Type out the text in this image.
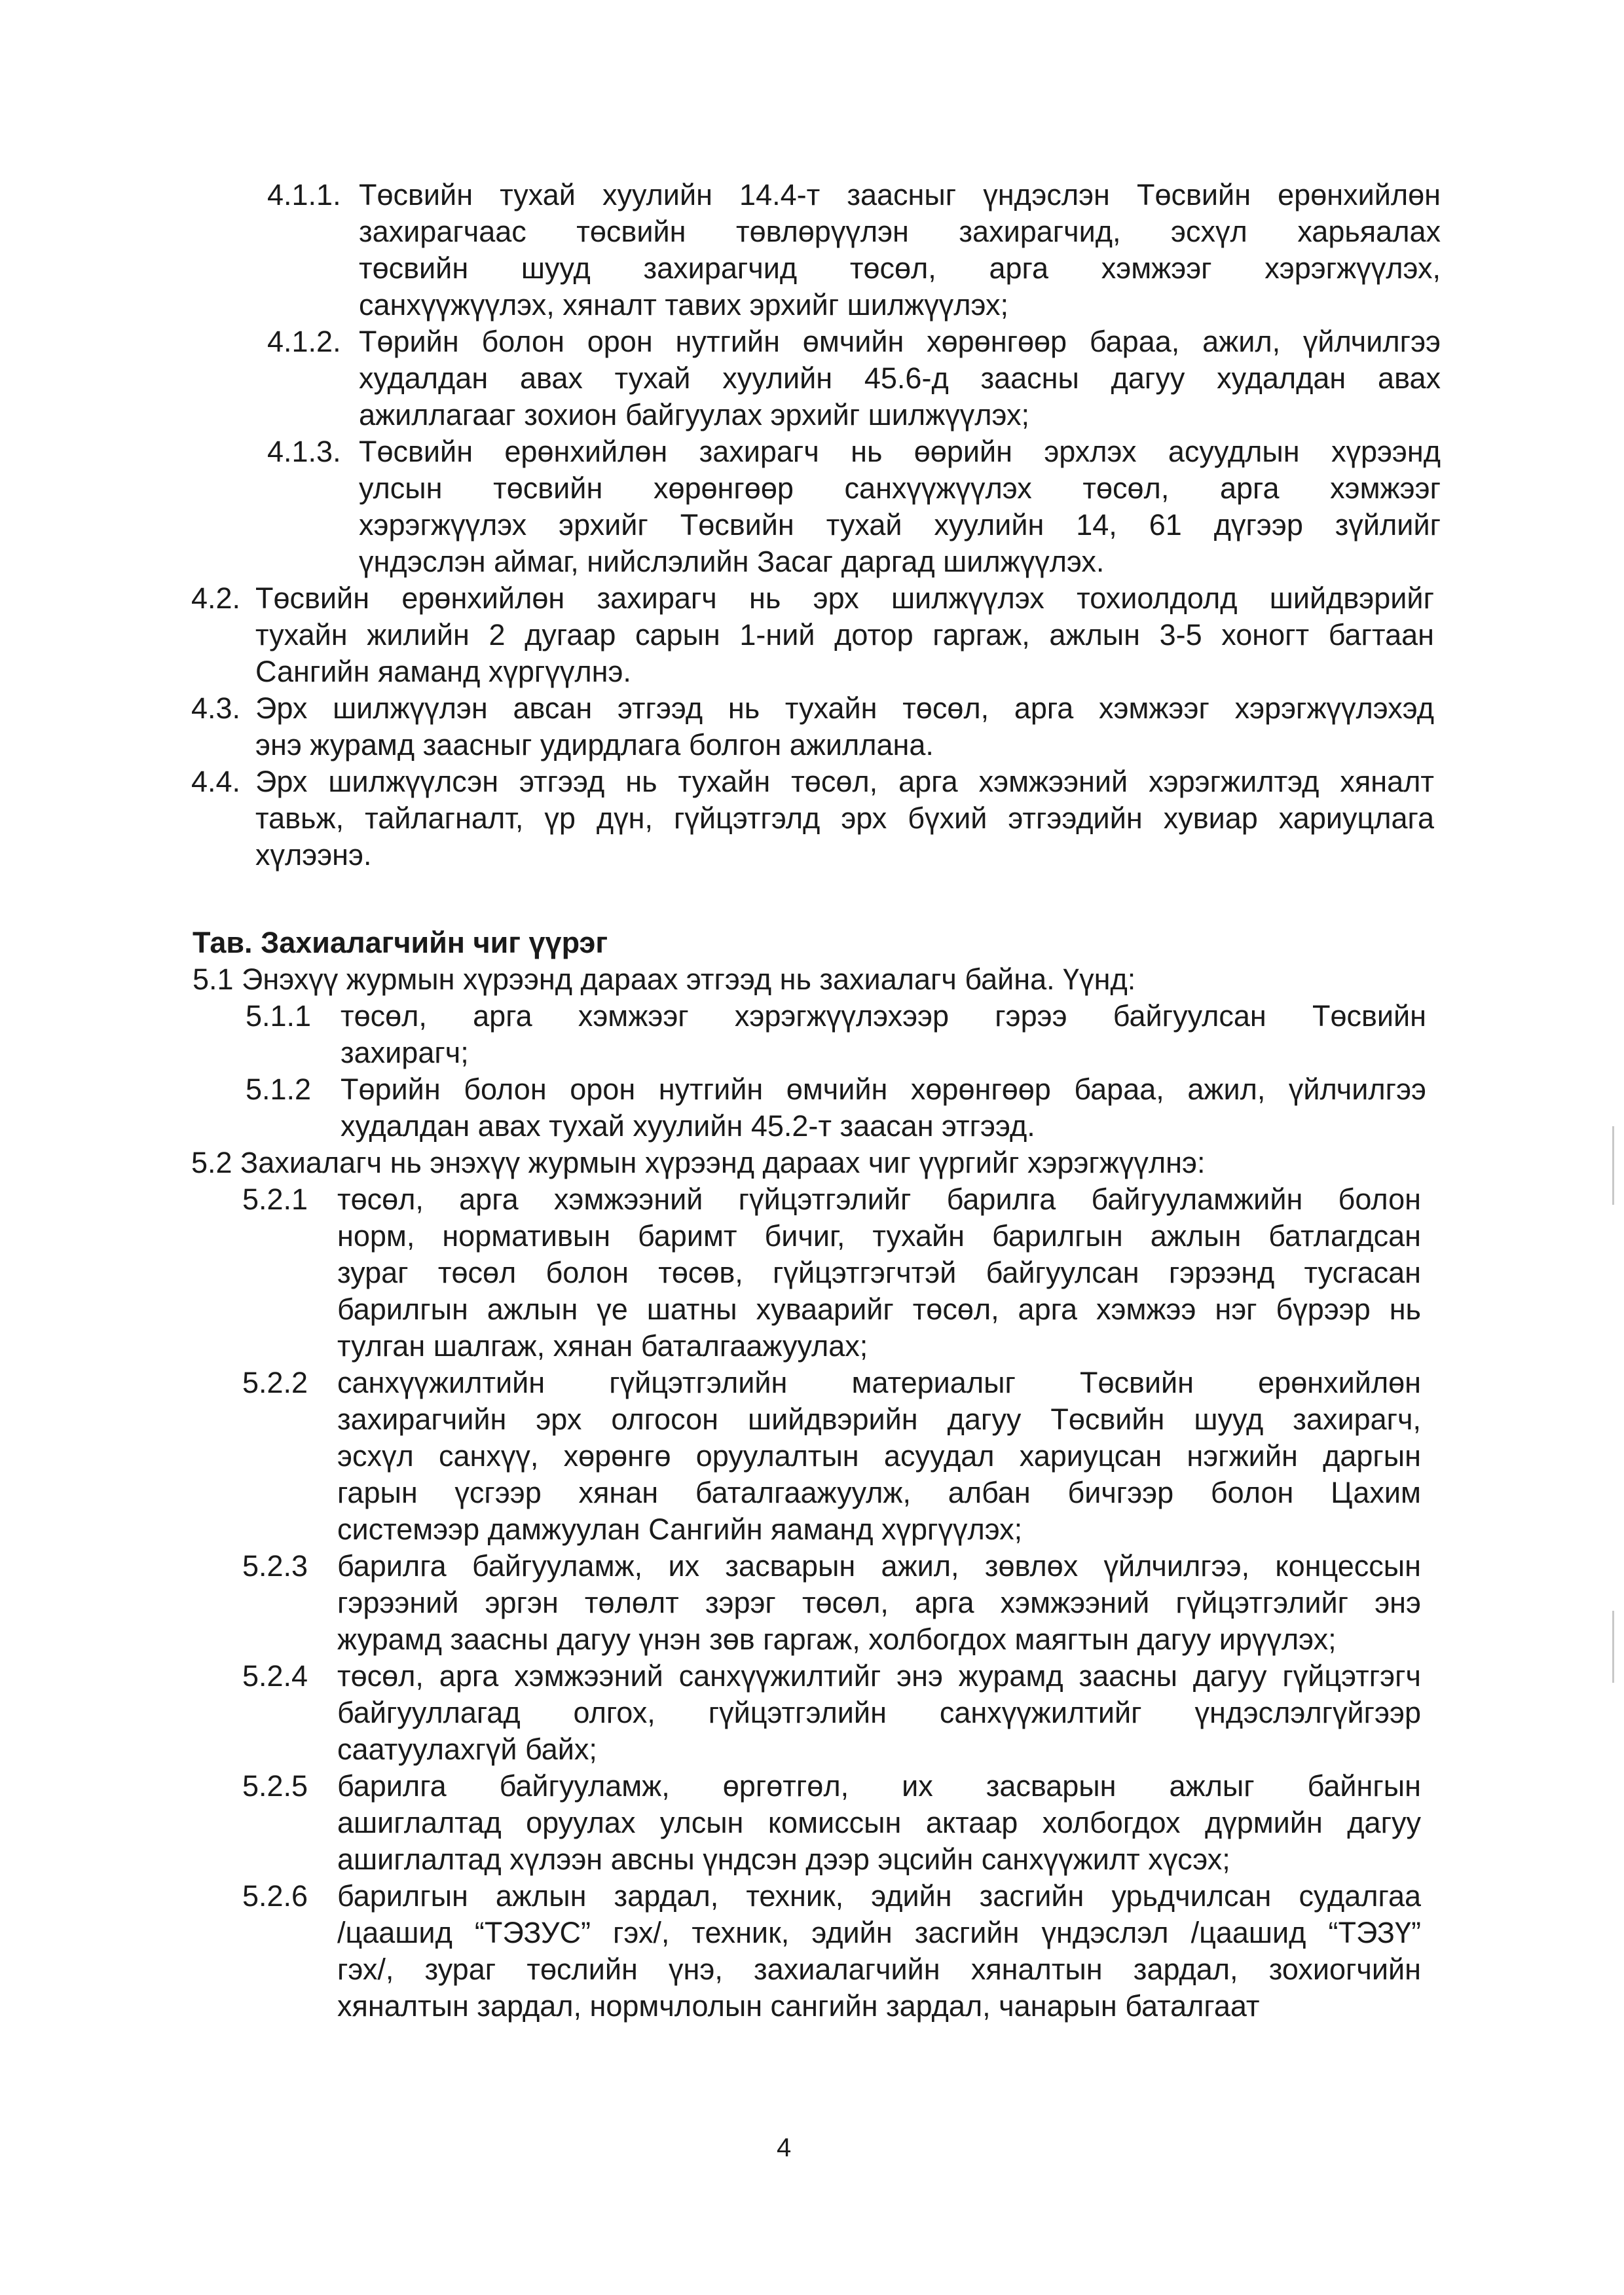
4.1.1. Төсвийн тухай хуулийн 14.4-т заасныг үндэслэн Төсвийн ерөнхийлөн
захирагчаас төсвийн төвлөрүүлэн захирагчид, эсхүл харьяалах
төсвийн шууд захирагчид төсөл, арга хэмжээг хэрэгжүүлэх,
санхүүжүүлэх, хяналт тавих эрхийг шилжүүлэх;
4.1.2. Төрийн болон орон нутгийн өмчийн хөрөнгөөр бараа, ажил, үйлчилгээ
худалдан авах тухай хуулийн 45.6-д заасны дагуу худалдан авах
ажиллагааг зохион байгуулах эрхийг шилжүүлэх;
4.1.3. Төсвийн ерөнхийлөн захирагч нь өөрийн эрхлэх асуудлын хүрээнд
улсын төсвийн хөрөнгөөр санхүүжүүлэх төсөл, арга хэмжээг
хэрэгжүүлэх эрхийг Төсвийн тухай хуулийн 14, 61 дүгээр зүйлийг
үндэслэн аймаг, нийслэлийн Засаг даргад шилжүүлэх.
4.2. Төсвийн ерөнхийлөн захирагч нь эрх шилжүүлэх тохиолдолд шийдвэрийг
тухайн жилийн 2 дугаар сарын 1-ний дотор гаргаж, ажлын 3-5 хоногт багтаан
Сангийн яаманд хүргүүлнэ.
4.3. Эрх шилжүүлэн авсан этгээд нь тухайн төсөл, арга хэмжээг хэрэгжүүлэхэд
энэ журамд заасныг удирдлага болгон ажиллана.
4.4. Эрх шилжүүлсэн этгээд нь тухайн төсөл, арга хэмжээний хэрэгжилтэд хяналт
тавьж, тайлагналт, үр дүн, гүйцэтгэлд эрх бүхий этгээдийн хувиар хариуцлага
хүлээнэ.
Тав. Захиалагчийн чиг үүрэг
5.1 Энэхүү журмын хүрээнд дараах этгээд нь захиалагч байна. Үүнд:
5.1.1 төсөл, арга хэмжээг хэрэгжүүлэхээр гэрээ байгуулсан Төсвийн
захирагч;
5.1.2 Төрийн болон орон нутгийн өмчийн хөрөнгөөр бараа, ажил, үйлчилгээ
худалдан авах тухай хуулийн 45.2-т заасан этгээд.
5.2 Захиалагч нь энэхүү журмын хүрээнд дараах чиг үүргийг хэрэгжүүлнэ:
5.2.1 төсөл, арга хэмжээний гүйцэтгэлийг барилга байгууламжийн болон
норм, нормативын баримт бичиг, тухайн барилгын ажлын батлагдсан
зураг төсөл болон төсөв, гүйцэтгэгчтэй байгуулсан гэрээнд тусгасан
барилгын ажлын үе шатны хуваарийг төсөл, арга хэмжээ нэг бүрээр нь
тулган шалгаж, хянан баталгаажуулах;
5.2.2 санхүүжилтийн гүйцэтгэлийн материалыг Төсвийн ерөнхийлөн
захирагчийн эрх олгосон шийдвэрийн дагуу Төсвийн шууд захирагч,
эсхүл санхүү, хөрөнгө оруулалтын асуудал хариуцсан нэгжийн даргын
гарын үсгээр хянан баталгаажуулж, албан бичгээр болон Цахим
системээр дамжуулан Сангийн яаманд хүргүүлэх;
5.2.3 барилга байгууламж, их засварын ажил, зөвлөх үйлчилгээ, концессын
гэрээний эргэн төлөлт зэрэг төсөл, арга хэмжээний гүйцэтгэлийг энэ
журамд заасны дагуу үнэн зөв гаргаж, холбогдох маягтын дагуу ирүүлэх;
5.2.4 төсөл, арга хэмжээний санхүүжилтийг энэ журамд заасны дагуу гүйцэтгэгч
байгууллагад олгох, гүйцэтгэлийн санхүүжилтийг үндэслэлгүйгээр
саатуулахгүй байх;
5.2.5 барилга байгууламж, өргөтгөл, их засварын ажлыг байнгын
ашиглалтад оруулах улсын комиссын актаар холбогдох дүрмийн дагуу
ашиглалтад хүлээн авсны үндсэн дээр эцсийн санхүүжилт хүсэх;
5.2.6 барилгын ажлын зардал, техник, эдийн засгийн урьдчилсан судалгаа
/цаашид “ТЭЗУС” гэх/, техник, эдийн засгийн үндэслэл /цаашид “ТЭЗҮ”
гэх/, зураг төслийн үнэ, захиалагчийн хяналтын зардал, зохиогчийн
хяналтын зардал, нормчлолын сангийн зардал, чанарын баталгаат
4
